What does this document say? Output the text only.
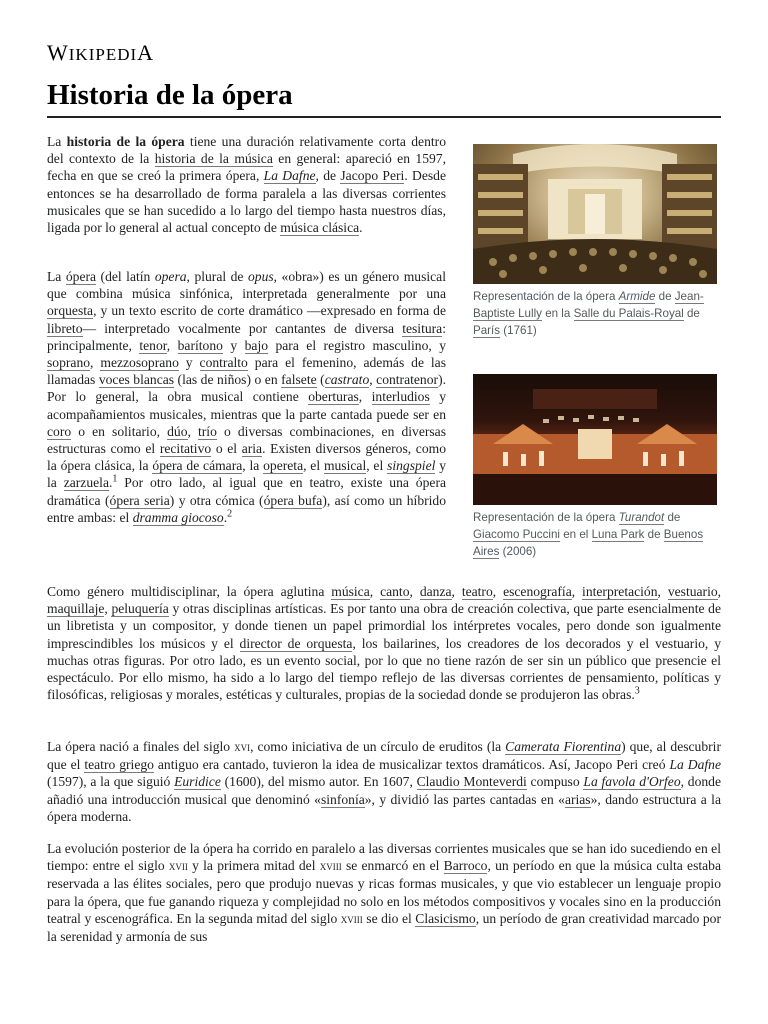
WIKIPEDIA
Historia de la ópera

La historia de la ópera tiene una duración relativamente corta dentro del contexto de la historia de la música en general: apareció en 1597, fecha en que se creó la primera ópera, La Dafne, de Jacopo Peri. Desde entonces se ha desarrollado de forma paralela a las diversas corrientes musicales que se han sucedido a lo largo del tiempo hasta nuestros días, ligada por lo general al actual concepto de música clásica.

Representación de la ópera Armide de Jean-Baptiste Lully en la Salle du Palais-Royal de París (1761)
Representación de la ópera Turandot de Giacomo Puccini en el Luna Park de Buenos Aires (2006)

La ópera (del latín opera, plural de opus, «obra») es un género musical que combina música sinfónica, interpretada generalmente por una orquesta, y un texto escrito de corte dramático —expresado en forma de libreto— interpretado vocalmente por cantantes de diversa tesitura: principalmente, tenor, barítono y bajo para el registro masculino, y soprano, mezzosoprano y contralto para el femenino, además de las llamadas voces blancas (las de niños) o en falsete (castrato, contratenor). Por lo general, la obra musical contiene oberturas, interludios y acompañamientos musicales, mientras que la parte cantada puede ser en coro o en solitario, dúo, trío o diversas combinaciones, en diversas estructuras como el recitativo o el aria. Existen diversos géneros, como la ópera clásica, la ópera de cámara, la opereta, el musical, el singspiel y la zarzuela.$^1$ Por otro lado, al igual que en teatro, existe una ópera dramática (ópera seria) y otra cómica (ópera bufa), así como un híbrido entre ambas: el dramma giocoso.$^2$

Como género multidisciplinar, la ópera aglutina música, canto, danza, teatro, escenografía, interpretación, vestuario, maquillaje, peluquería y otras disciplinas artísticas. Es por tanto una obra de creación colectiva, que parte esencialmente de un libretista y un compositor, y donde tienen un papel primordial los intérpretes vocales, pero donde son igualmente imprescindibles los músicos y el director de orquesta, los bailarines, los creadores de los decorados y el vestuario, y muchas otras figuras. Por otro lado, es un evento social, por lo que no tiene razón de ser sin un público que presencie el espectáculo. Por ello mismo, ha sido a lo largo del tiempo reflejo de las diversas corrientes de pensamiento, políticas y filosóficas, religiosas y morales, estéticas y culturales, propias de la sociedad donde se produjeron las obras.$^3$

La ópera nació a finales del siglo xvi, como iniciativa de un círculo de eruditos (la Camerata Fiorentina) que, al descubrir que el teatro griego antiguo era cantado, tuvieron la idea de musicalizar textos dramáticos. Así, Jacopo Peri creó La Dafne (1597), a la que siguió Euridice (1600), del mismo autor. En 1607, Claudio Monteverdi compuso La favola d'Orfeo, donde añadió una introducción musical que denominó «sinfonía», y dividió las partes cantadas en «arias», dando estructura a la ópera moderna.

La evolución posterior de la ópera ha corrido en paralelo a las diversas corrientes musicales que se han ido sucediendo en el tiempo: entre el siglo xvii y la primera mitad del xviii se enmarcó en el Barroco, un período en que la música culta estaba reservada a las élites sociales, pero que produjo nuevas y ricas formas musicales, y que vio establecer un lenguaje propio para la ópera, que fue ganando riqueza y complejidad no solo en los métodos compositivos y vocales sino en la producción teatral y escenográfica. En la segunda mitad del siglo xviii se dio el Clasicismo, un período de gran creatividad marcado por la serenidad y armonía de sus
